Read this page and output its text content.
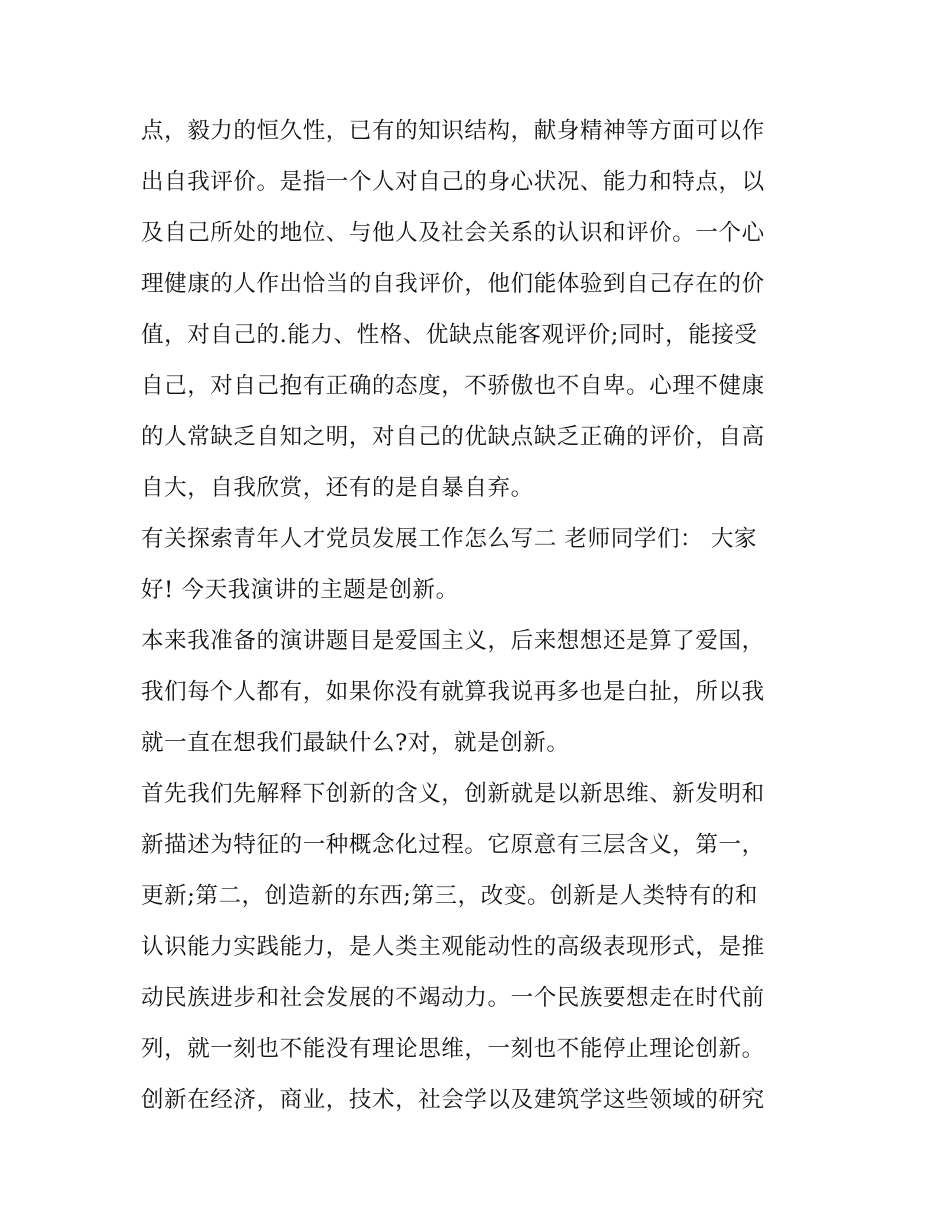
点，毅力的恒久性，已有的知识结构，献身精神等方面可以作
出自我评价。是指一个人对自己的身心状况、能力和特点，以
及自己所处的地位、与他人及社会关系的认识和评价。一个心
理健康的人作出恰当的自我评价，他们能体验到自己存在的价
值，对自己的.能力、性格、优缺点能客观评价;同时，能接受
自己，对自己抱有正确的态度，不骄傲也不自卑。心理不健康
的人常缺乏自知之明，对自己的优缺点缺乏正确的评价，自高
自大，自我欣赏，还有的是自暴自弃。
有关探索青年人才党员发展工作怎么写二 老师同学们： 大家
好! 今天我演讲的主题是创新。
本来我准备的演讲题目是爱国主义，后来想想还是算了爱国，
我们每个人都有，如果你没有就算我说再多也是白扯，所以我
就一直在想我们最缺什么?对，就是创新。
首先我们先解释下创新的含义，创新就是以新思维、新发明和
新描述为特征的一种概念化过程。它原意有三层含义，第一，
更新;第二，创造新的东西;第三，改变。创新是人类特有的和
认识能力实践能力，是人类主观能动性的高级表现形式，是推
动民族进步和社会发展的不竭动力。一个民族要想走在时代前
列，就一刻也不能没有理论思维，一刻也不能停止理论创新。
创新在经济，商业，技术，社会学以及建筑学这些领域的研究
